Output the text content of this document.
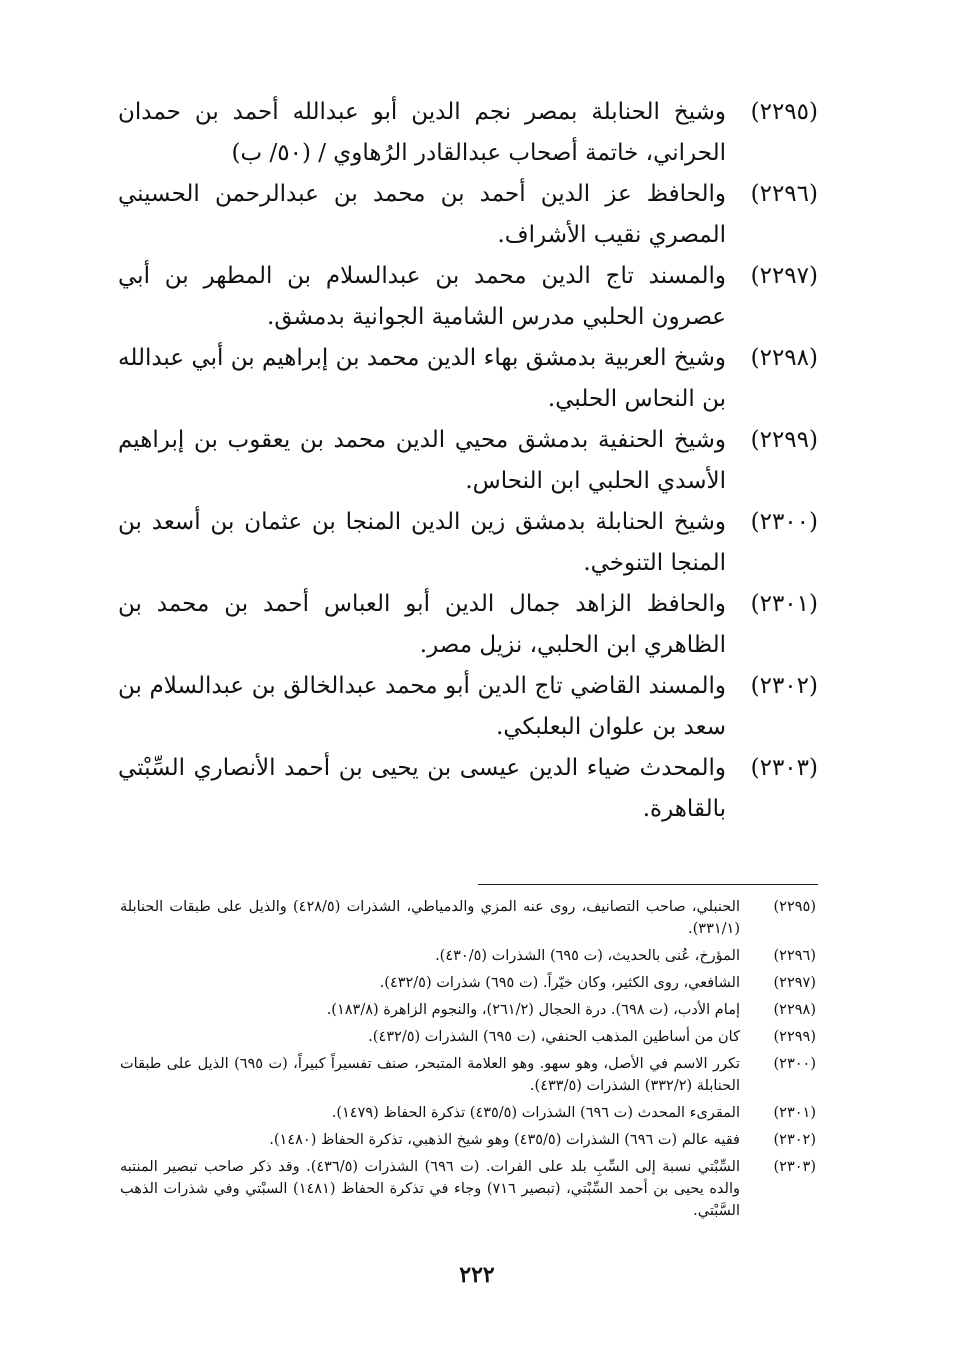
(٢٢٩٥)
وشيخ الحنابلة بمصر نجم الدين أبو عبدالله أحمد بن حمدان الحراني، خاتمة أصحاب عبدالقادر الرُهاوي / (٥٠/ ب)
(٢٢٩٦)
والحافظ عز الدين أحمد بن محمد بن عبدالرحمن الحسيني المصري نقيب الأشراف.
(٢٢٩٧)
والمسند تاج الدين محمد بن عبدالسلام بن المطهر بن أبي عصرون الحلبي مدرس الشامية الجوانية بدمشق.
(٢٢٩٨)
وشيخ العربية بدمشق بهاء الدين محمد بن إبراهيم بن أبي عبدالله بن النحاس الحلبي.
(٢٢٩٩)
وشيخ الحنفية بدمشق محيي الدين محمد بن يعقوب بن إبراهيم الأسدي الحلبي ابن النحاس.
(٢٣٠٠)
وشيخ الحنابلة بدمشق زين الدين المنجا بن عثمان بن أسعد بن المنجا التنوخي.
(٢٣٠١)
والحافظ الزاهد جمال الدين أبو العباس أحمد بن محمد بن الظاهري ابن الحلبي، نزيل مصر.
(٢٣٠٢)
والمسند القاضي تاج الدين أبو محمد عبدالخالق بن عبدالسلام بن سعد بن علوان البعلبكي.
(٢٣٠٣)
والمحدث ضياء الدين عيسى بن يحيى بن أحمد الأنصاري السِّبْتي بالقاهرة.
(٢٢٩٥)
الحنبلي، صاحب التصانيف، روى عنه المزي والدمياطي، الشذرات (٤٢٨/٥) والذيل على طبقات الحنابلة (٣٣١/١).
(٢٢٩٦)
المؤرخ، عُنى بالحديث، (ت ٦٩٥) الشذرات (٤٣٠/٥).
(٢٢٩٧)
الشافعي، روى الكثير، وكان خيّراً. (ت ٦٩٥) شذرات (٤٣٢/٥).
(٢٢٩٨)
إمام الأدب، (ت ٦٩٨). درة الحجال (٢٦١/٢)، والنجوم الزاهرة (١٨٣/٨).
(٢٢٩٩)
كان من أساطين المذهب الحنفي، (ت ٦٩٥) الشذرات (٤٣٢/٥).
(٢٣٠٠)
تكرر الاسم في الأصل، وهو سهو. وهو العلامة المتبحر، صنف تفسيراً كبيراً، (ت ٦٩٥) الذيل على طبقات الحنابلة (٣٣٢/٢) الشذرات (٤٣٣/٥).
(٢٣٠١)
المقرىء المحدث (ت ٦٩٦) الشذرات (٤٣٥/٥) تذكرة الحفاظ (١٤٧٩).
(٢٣٠٢)
فقيه عالم (ت ٦٩٦) الشذرات (٤٣٥/٥) وهو شيخ الذهبي، تذكرة الحفاظ (١٤٨٠).
(٢٣٠٣)
السِّبْتي نسبة إلى السِّبِ بلد على الفرات. (ت ٦٩٦) الشذرات (٤٣٦/٥). وقد ذكر صاحب تبصير المنتبه والده يحيى بن أحمد السِّبْتي، (تبصير ٧١٦) وجاء في تذكرة الحفاظ (١٤٨١) السبْتي وفي شذرات الذهب السَّبْتي.
٢٢٢
